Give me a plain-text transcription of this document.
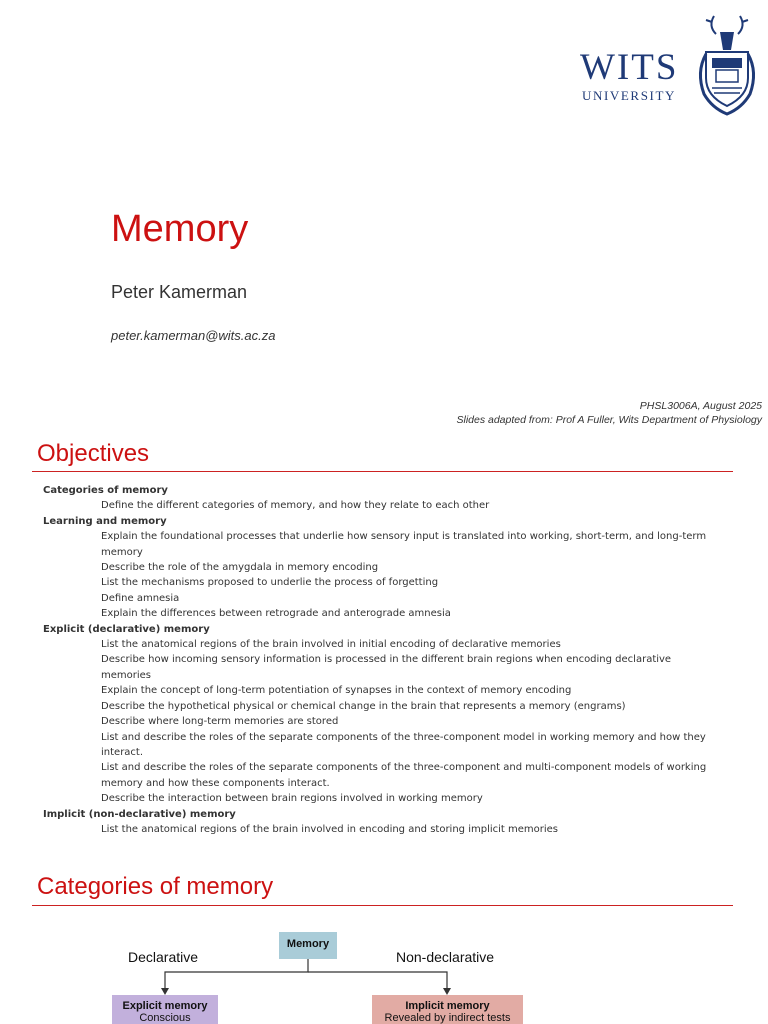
WITS
UNIVERSITY
Memory
Peter Kamerman
peter.kamerman@wits.ac.za
PHSL3006A, August 2025
Slides adapted from: Prof A Fuller, Wits Department of Physiology
Objectives
Categories of memory
Define the different categories of memory, and how they relate to each other
Learning and memory
Explain the foundational processes that underlie how sensory input is translated into working, short-term, and long-term memory
Describe the role of the amygdala in memory encoding
List the mechanisms proposed to underlie the process of forgetting
Define amnesia
Explain the differences between retrograde and anterograde amnesia
Explicit (declarative) memory
List the anatomical regions of the brain involved in initial encoding of declarative memories
Describe how incoming sensory information is processed in the different brain regions when encoding declarative memories
Explain the concept of long-term potentiation of synapses in the context of memory encoding
Describe the hypothetical physical or chemical change in the brain that represents a memory (engrams)
Describe where long-term memories are stored
List and describe the roles of the separate components of the three-component model in working memory and how they interact.
List and describe the roles of the separate components of the three-component and multi-component models of working memory and how these components interact.
Describe the interaction between brain regions involved in working memory
Implicit (non-declarative) memory
List the anatomical regions of the brain involved in encoding and storing implicit memories
Categories of memory
Memory
Declarative	Non-declarative
Explicit memory
Conscious
Implicit memory
Revealed by indirect tests
